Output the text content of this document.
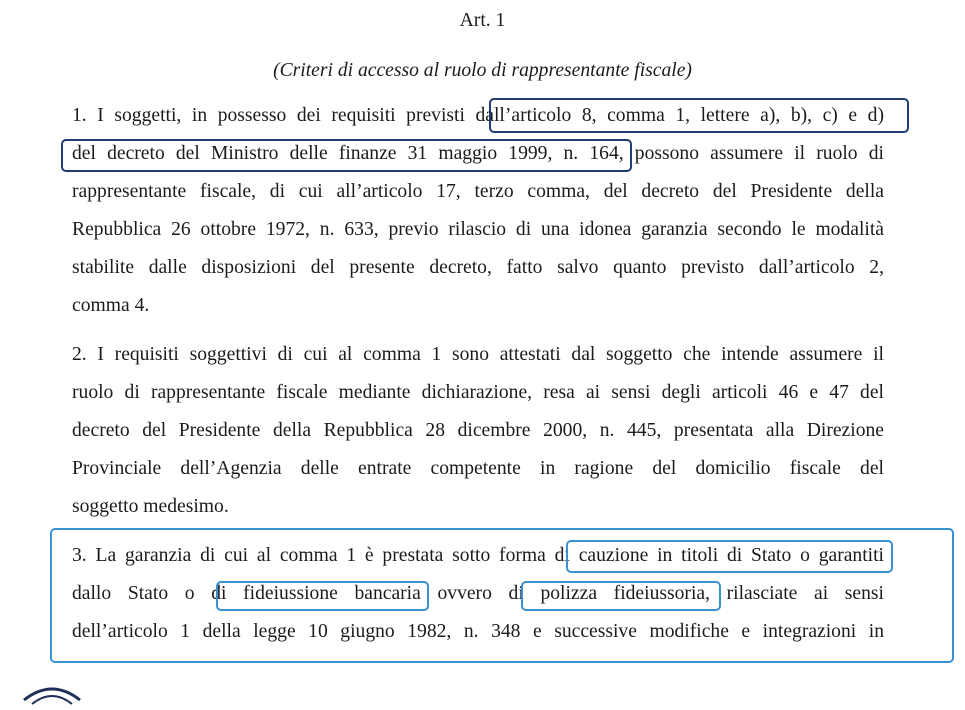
Art. 1
(Criteri di accesso al ruolo di rappresentante fiscale)
1. I soggetti, in possesso dei requisiti previsti dall’articolo 8, comma 1, lettere a), b), c) e d)
del decreto del Ministro delle finanze 31 maggio 1999, n. 164, possono assumere il ruolo di
rappresentante fiscale, di cui all’articolo 17, terzo comma, del decreto del Presidente della
Repubblica 26 ottobre 1972, n. 633, previo rilascio di una idonea garanzia secondo le modalità
stabilite dalle disposizioni del presente decreto, fatto salvo quanto previsto dall’articolo 2,
comma 4.
2. I requisiti soggettivi di cui al comma 1 sono attestati dal soggetto che intende assumere il
ruolo di rappresentante fiscale mediante dichiarazione, resa ai sensi degli articoli 46 e 47 del
decreto del Presidente della Repubblica 28 dicembre 2000, n. 445, presentata alla Direzione
Provinciale dell’Agenzia delle entrate competente in ragione del domicilio fiscale del
soggetto medesimo.
3. La garanzia di cui al comma 1 è prestata sotto forma di cauzione in titoli di Stato o garantiti
dallo Stato o di fideiussione bancaria ovvero di polizza fideiussoria, rilasciate ai sensi
dell’articolo 1 della legge 10 giugno 1982, n. 348 e successive modifiche e integrazioni in
